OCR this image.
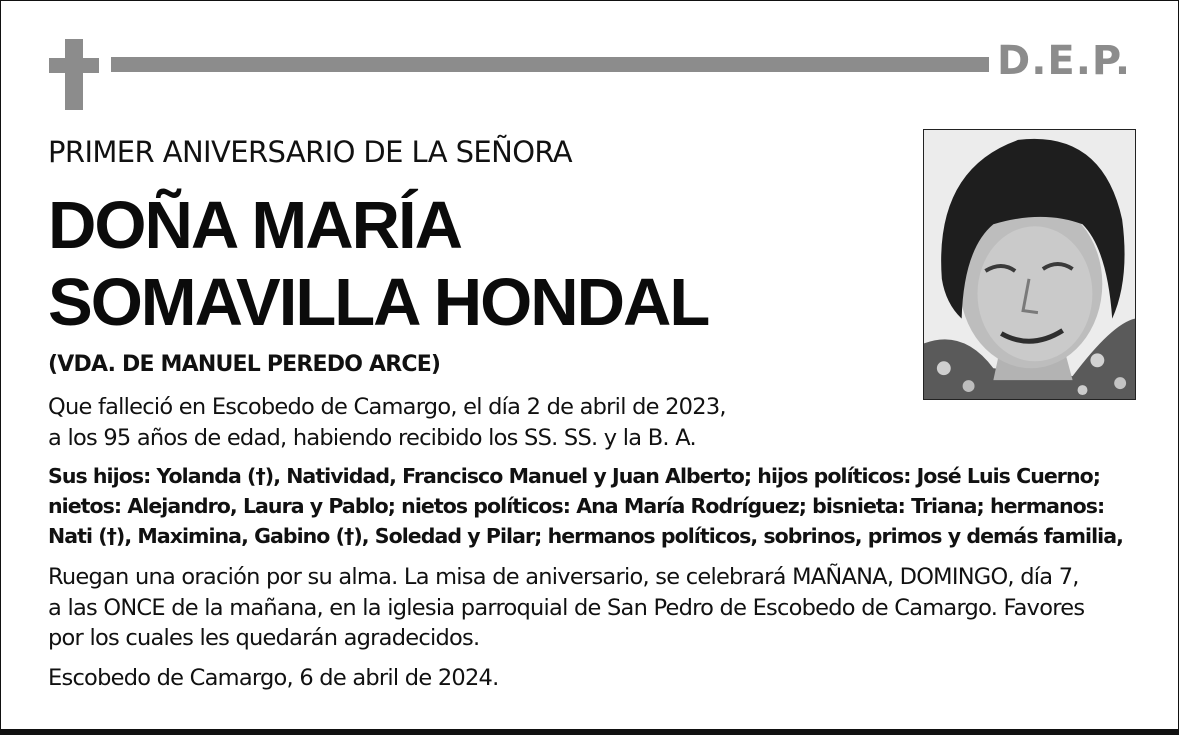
D.E.P.
PRIMER ANIVERSARIO DE LA SEÑORA
DOÑA MARÍA
SOMAVILLA HONDAL
(VDA. DE MANUEL PEREDO ARCE)
Que falleció en Escobedo de Camargo, el día 2 de abril de 2023,
a los 95 años de edad, habiendo recibido los SS. SS. y la B. A.
Sus hijos: Yolanda (†), Natividad, Francisco Manuel y Juan Alberto; hijos políticos: José Luis Cuerno;
nietos: Alejandro, Laura y Pablo; nietos políticos: Ana María Rodríguez; bisnieta: Triana; hermanos:
Nati (†), Maximina, Gabino (†), Soledad y Pilar; hermanos políticos, sobrinos, primos y demás familia,
Ruegan una oración por su alma. La misa de aniversario, se celebrará MAÑANA, DOMINGO, día 7,
a las ONCE de la mañana, en la iglesia parroquial de San Pedro de Escobedo de Camargo. Favores
por los cuales les quedarán agradecidos.
Escobedo de Camargo, 6 de abril de 2024.
